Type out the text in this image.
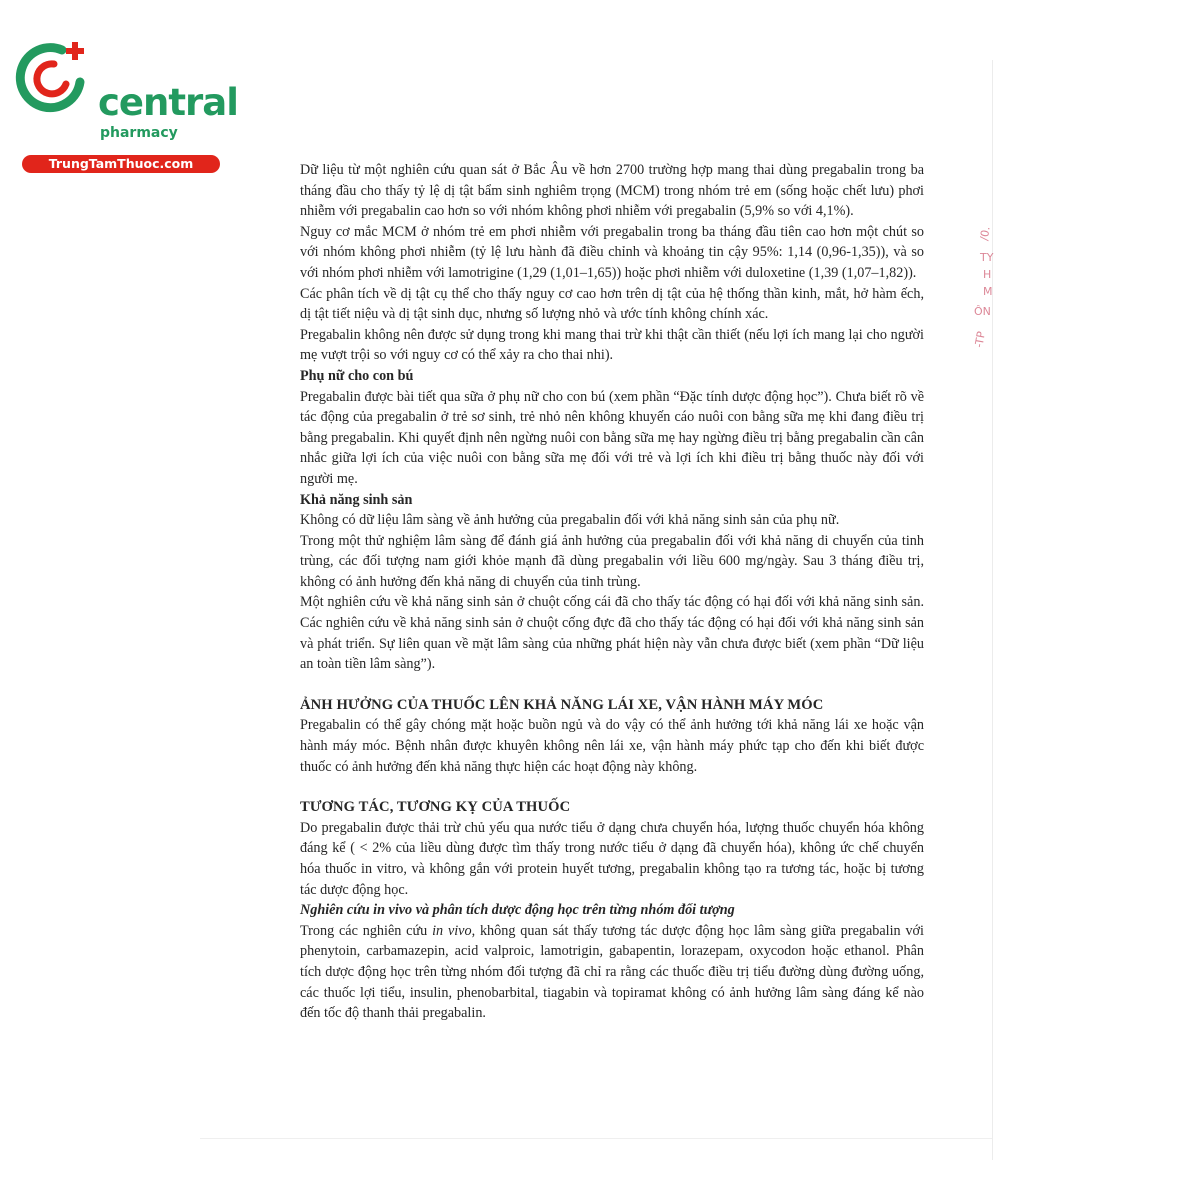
central
pharmacy
TrungTamThuoc.com
/0.
TY
H
M
ÔN
-TP

Dữ liệu từ một nghiên cứu quan sát ở Bắc Âu về hơn 2700 trường hợp mang thai dùng pregabalin trong ba tháng đầu cho thấy tỷ lệ dị tật bẩm sinh nghiêm trọng (MCM) trong nhóm trẻ em (sống hoặc chết lưu) phơi nhiễm với pregabalin cao hơn so với nhóm không phơi nhiễm với pregabalin (5,9% so với 4,1%).

Nguy cơ mắc MCM ở nhóm trẻ em phơi nhiễm với pregabalin trong ba tháng đầu tiên cao hơn một chút so với nhóm không phơi nhiễm (tỷ lệ lưu hành đã điều chỉnh và khoảng tin cậy 95%: 1,14 (0,96-1,35)), và so với nhóm phơi nhiễm với lamotrigine (1,29 (1,01–1,65)) hoặc phơi nhiễm với duloxetine (1,39 (1,07–1,82)).

Các phân tích về dị tật cụ thể cho thấy nguy cơ cao hơn trên dị tật của hệ thống thần kinh, mắt, hở hàm ếch, dị tật tiết niệu và dị tật sinh dục, nhưng số lượng nhỏ và ước tính không chính xác.

Pregabalin không nên được sử dụng trong khi mang thai trừ khi thật cần thiết (nếu lợi ích mang lại cho người mẹ vượt trội so với nguy cơ có thể xảy ra cho thai nhi).

Phụ nữ cho con bú

Pregabalin được bài tiết qua sữa ở phụ nữ cho con bú (xem phần “Đặc tính dược động học”). Chưa biết rõ về tác động của pregabalin ở trẻ sơ sinh, trẻ nhỏ nên không khuyến cáo nuôi con bằng sữa mẹ khi đang điều trị bằng pregabalin. Khi quyết định nên ngừng nuôi con bằng sữa mẹ hay ngừng điều trị bằng pregabalin cần cân nhắc giữa lợi ích của việc nuôi con bằng sữa mẹ đối với trẻ và lợi ích khi điều trị bằng thuốc này đối với người mẹ.

Khả năng sinh sản

Không có dữ liệu lâm sàng về ảnh hưởng của pregabalin đối với khả năng sinh sản của phụ nữ.

Trong một thử nghiệm lâm sàng để đánh giá ảnh hưởng của pregabalin đối với khả năng di chuyển của tinh trùng, các đối tượng nam giới khỏe mạnh đã dùng pregabalin với liều 600 mg/ngày. Sau 3 tháng điều trị, không có ảnh hưởng đến khả năng di chuyển của tinh trùng.

Một nghiên cứu về khả năng sinh sản ở chuột cống cái đã cho thấy tác động có hại đối với khả năng sinh sản. Các nghiên cứu về khả năng sinh sản ở chuột cống đực đã cho thấy tác động có hại đối với khả năng sinh sản và phát triển. Sự liên quan về mặt lâm sàng của những phát hiện này vẫn chưa được biết (xem phần “Dữ liệu an toàn tiền lâm sàng”).

ẢNH HƯỞNG CỦA THUỐC LÊN KHẢ NĂNG LÁI XE, VẬN HÀNH MÁY MÓC

Pregabalin có thể gây chóng mặt hoặc buồn ngủ và do vậy có thể ảnh hưởng tới khả năng lái xe hoặc vận hành máy móc. Bệnh nhân được khuyên không nên lái xe, vận hành máy phức tạp cho đến khi biết được thuốc có ảnh hưởng đến khả năng thực hiện các hoạt động này không.

TƯƠNG TÁC, TƯƠNG KỴ CỦA THUỐC

Do pregabalin được thải trừ chủ yếu qua nước tiểu ở dạng chưa chuyển hóa, lượng thuốc chuyển hóa không đáng kể ( < 2% của liều dùng được tìm thấy trong nước tiểu ở dạng đã chuyển hóa), không ức chế chuyển hóa thuốc in vitro, và không gắn với protein huyết tương, pregabalin không tạo ra tương tác, hoặc bị tương tác dược động học.

Nghiên cứu in vivo và phân tích dược động học trên từng nhóm đối tượng

Trong các nghiên cứu in vivo, không quan sát thấy tương tác dược động học lâm sàng giữa pregabalin với phenytoin, carbamazepin, acid valproic, lamotrigin, gabapentin, lorazepam, oxycodon hoặc ethanol. Phân tích dược động học trên từng nhóm đối tượng đã chỉ ra rằng các thuốc điều trị tiểu đường dùng đường uống, các thuốc lợi tiểu, insulin, phenobarbital, tiagabin và topiramat không có ảnh hưởng lâm sàng đáng kể nào đến tốc độ thanh thải pregabalin.
